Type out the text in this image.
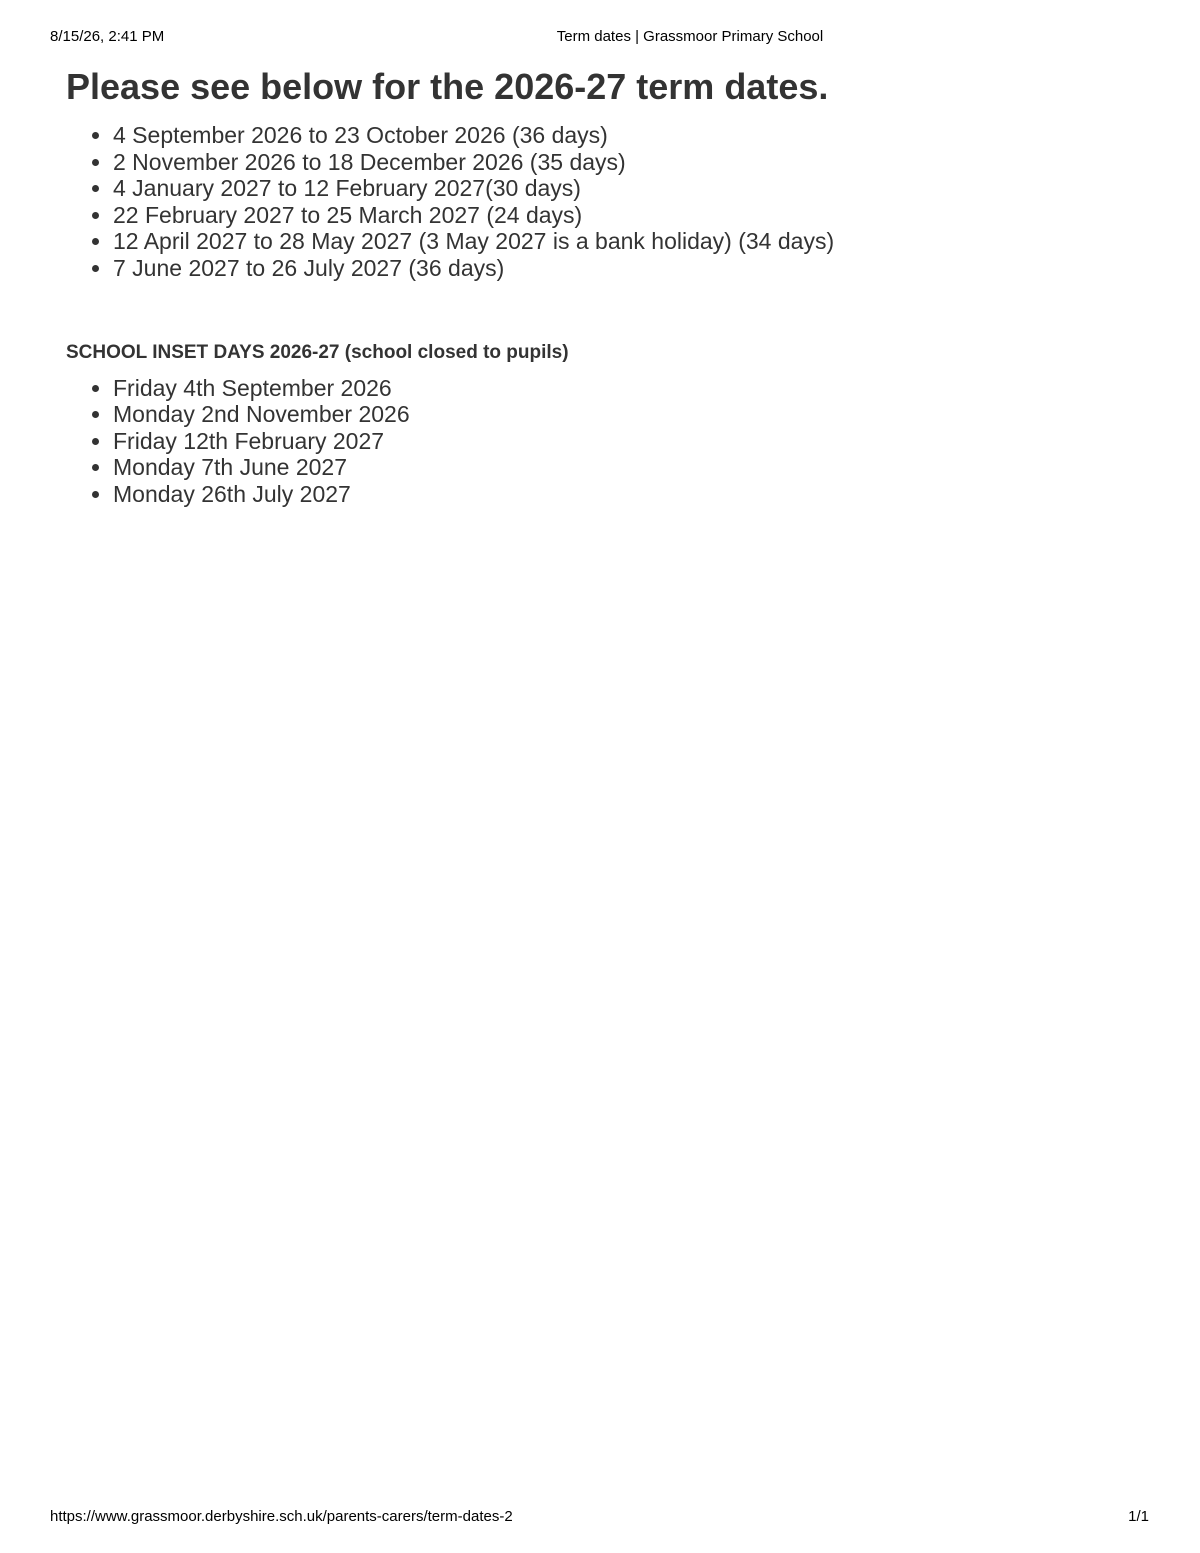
8/15/26, 2:41 PM	Term dates | Grassmoor Primary School
Please see below for the 2026-27 term dates.
• 4 September 2026 to 23 October 2026 (36 days)
• 2 November 2026 to 18 December 2026 (35 days)
• 4 January 2027 to 12 February 2027(30 days)
• 22 February 2027 to 25 March 2027 (24 days)
• 12 April 2027 to 28 May 2027 (3 May 2027 is a bank holiday) (34 days)
• 7 June 2027 to 26 July 2027 (36 days)
SCHOOL INSET DAYS 2026-27 (school closed to pupils)
• Friday 4th September 2026
• Monday 2nd November 2026
• Friday 12th February 2027
• Monday 7th June 2027
• Monday 26th July 2027
https://www.grassmoor.derbyshire.sch.uk/parents-carers/term-dates-2	1/1
